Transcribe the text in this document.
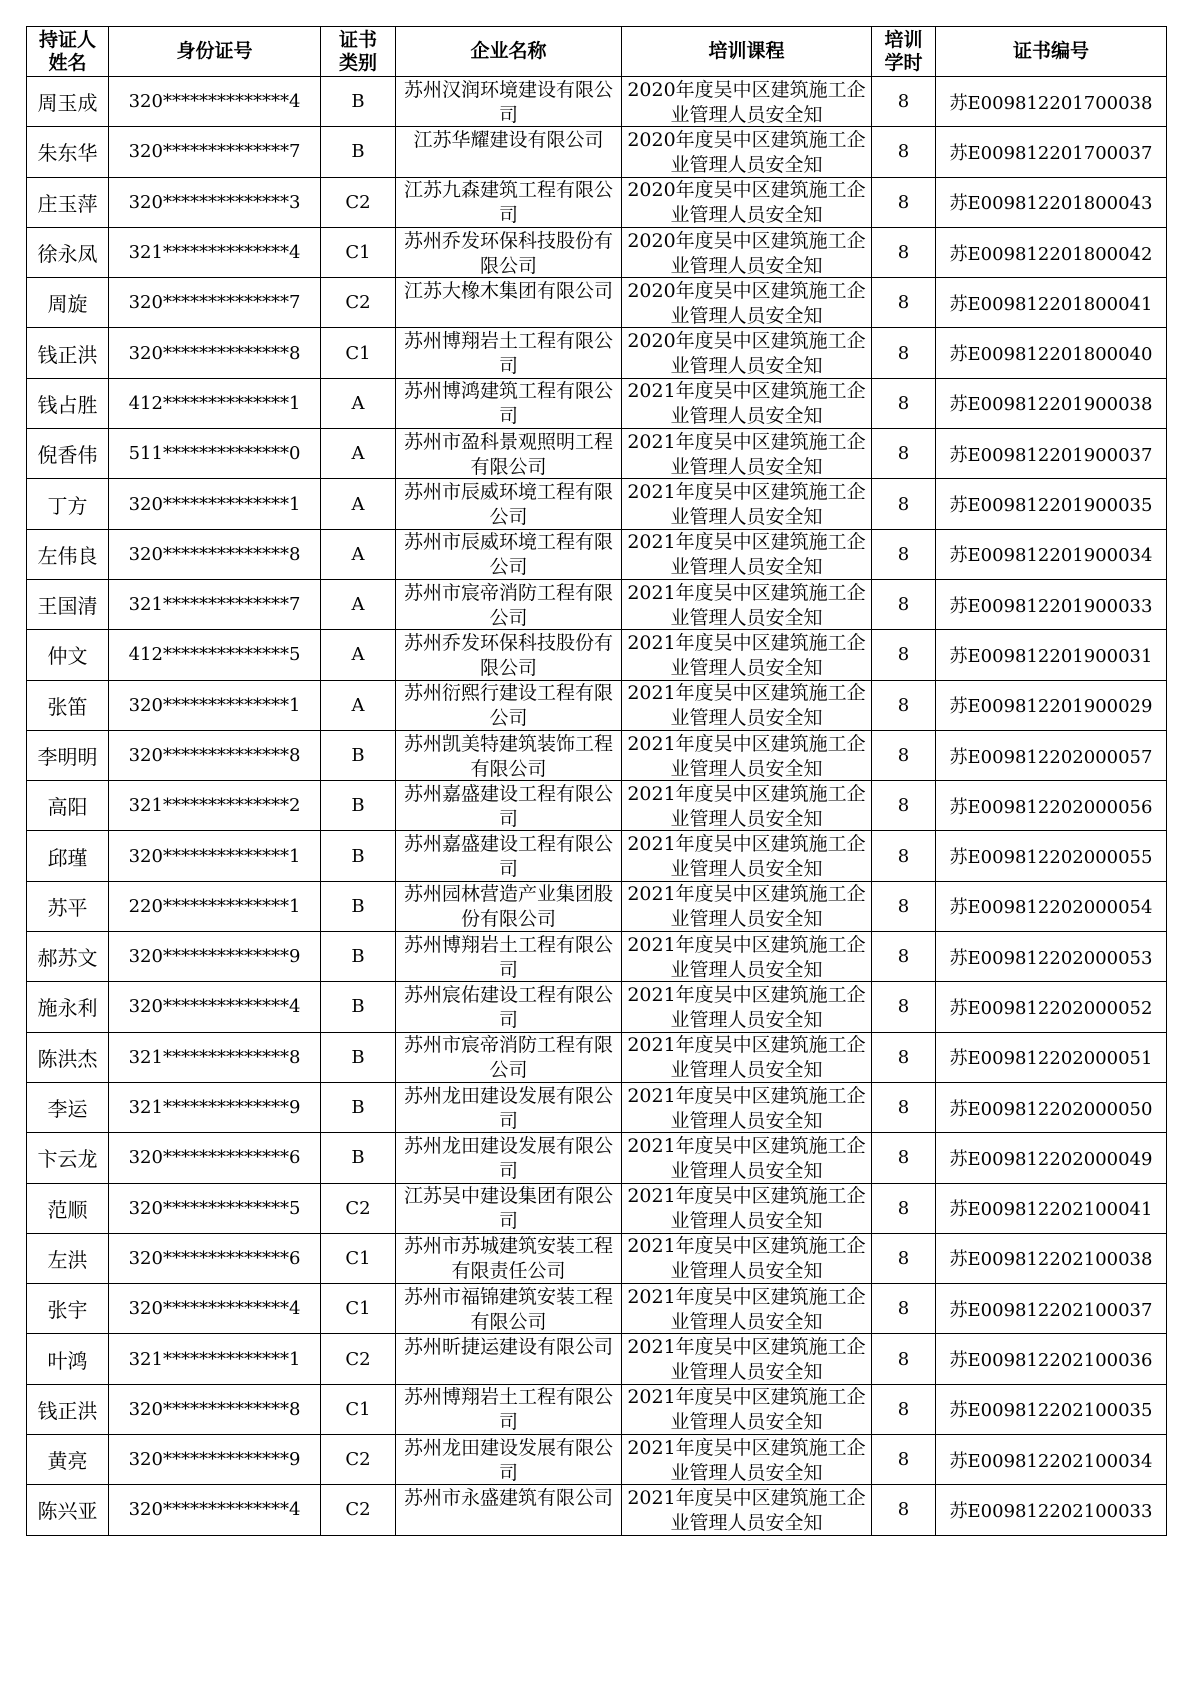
持证人姓名	身份证号	证书类别	企业名称	培训课程	培训学时	证书编号
周玉成	320**************4	B	苏州汉润环境建设有限公司	2020年度吴中区建筑施工企业管理人员安全知	8	苏E009812201700038
朱东华	320**************7	B	江苏华耀建设有限公司	2020年度吴中区建筑施工企业管理人员安全知	8	苏E009812201700037
庄玉萍	320**************3	C2	江苏九森建筑工程有限公司	2020年度吴中区建筑施工企业管理人员安全知	8	苏E009812201800043
徐永凤	321**************4	C1	苏州乔发环保科技股份有限公司	2020年度吴中区建筑施工企业管理人员安全知	8	苏E009812201800042
周旋	320**************7	C2	江苏大橡木集团有限公司	2020年度吴中区建筑施工企业管理人员安全知	8	苏E009812201800041
钱正洪	320**************8	C1	苏州博翔岩土工程有限公司	2020年度吴中区建筑施工企业管理人员安全知	8	苏E009812201800040
钱占胜	412**************1	A	苏州博鸿建筑工程有限公司	2021年度吴中区建筑施工企业管理人员安全知	8	苏E009812201900038
倪香伟	511**************0	A	苏州市盈科景观照明工程有限公司	2021年度吴中区建筑施工企业管理人员安全知	8	苏E009812201900037
丁方	320**************1	A	苏州市辰威环境工程有限公司	2021年度吴中区建筑施工企业管理人员安全知	8	苏E009812201900035
左伟良	320**************8	A	苏州市辰威环境工程有限公司	2021年度吴中区建筑施工企业管理人员安全知	8	苏E009812201900034
王国清	321**************7	A	苏州市宸帝消防工程有限公司	2021年度吴中区建筑施工企业管理人员安全知	8	苏E009812201900033
仲文	412**************5	A	苏州乔发环保科技股份有限公司	2021年度吴中区建筑施工企业管理人员安全知	8	苏E009812201900031
张笛	320**************1	A	苏州衍熙行建设工程有限公司	2021年度吴中区建筑施工企业管理人员安全知	8	苏E009812201900029
李明明	320**************8	B	苏州凯美特建筑装饰工程有限公司	2021年度吴中区建筑施工企业管理人员安全知	8	苏E009812202000057
高阳	321**************2	B	苏州嘉盛建设工程有限公司	2021年度吴中区建筑施工企业管理人员安全知	8	苏E009812202000056
邱瑾	320**************1	B	苏州嘉盛建设工程有限公司	2021年度吴中区建筑施工企业管理人员安全知	8	苏E009812202000055
苏平	220**************1	B	苏州园林营造产业集团股份有限公司	2021年度吴中区建筑施工企业管理人员安全知	8	苏E009812202000054
郝苏文	320**************9	B	苏州博翔岩土工程有限公司	2021年度吴中区建筑施工企业管理人员安全知	8	苏E009812202000053
施永利	320**************4	B	苏州宸佑建设工程有限公司	2021年度吴中区建筑施工企业管理人员安全知	8	苏E009812202000052
陈洪杰	321**************8	B	苏州市宸帝消防工程有限公司	2021年度吴中区建筑施工企业管理人员安全知	8	苏E009812202000051
李运	321**************9	B	苏州龙田建设发展有限公司	2021年度吴中区建筑施工企业管理人员安全知	8	苏E009812202000050
卞云龙	320**************6	B	苏州龙田建设发展有限公司	2021年度吴中区建筑施工企业管理人员安全知	8	苏E009812202000049
范顺	320**************5	C2	江苏吴中建设集团有限公司	2021年度吴中区建筑施工企业管理人员安全知	8	苏E009812202100041
左洪	320**************6	C1	苏州市苏城建筑安装工程有限责任公司	2021年度吴中区建筑施工企业管理人员安全知	8	苏E009812202100038
张宇	320**************4	C1	苏州市福锦建筑安装工程有限公司	2021年度吴中区建筑施工企业管理人员安全知	8	苏E009812202100037
叶鸿	321**************1	C2	苏州昕捷运建设有限公司	2021年度吴中区建筑施工企业管理人员安全知	8	苏E009812202100036
钱正洪	320**************8	C1	苏州博翔岩土工程有限公司	2021年度吴中区建筑施工企业管理人员安全知	8	苏E009812202100035
黄亮	320**************9	C2	苏州龙田建设发展有限公司	2021年度吴中区建筑施工企业管理人员安全知	8	苏E009812202100034
陈兴亚	320**************4	C2	苏州市永盛建筑有限公司	2021年度吴中区建筑施工企业管理人员安全知	8	苏E009812202100033
